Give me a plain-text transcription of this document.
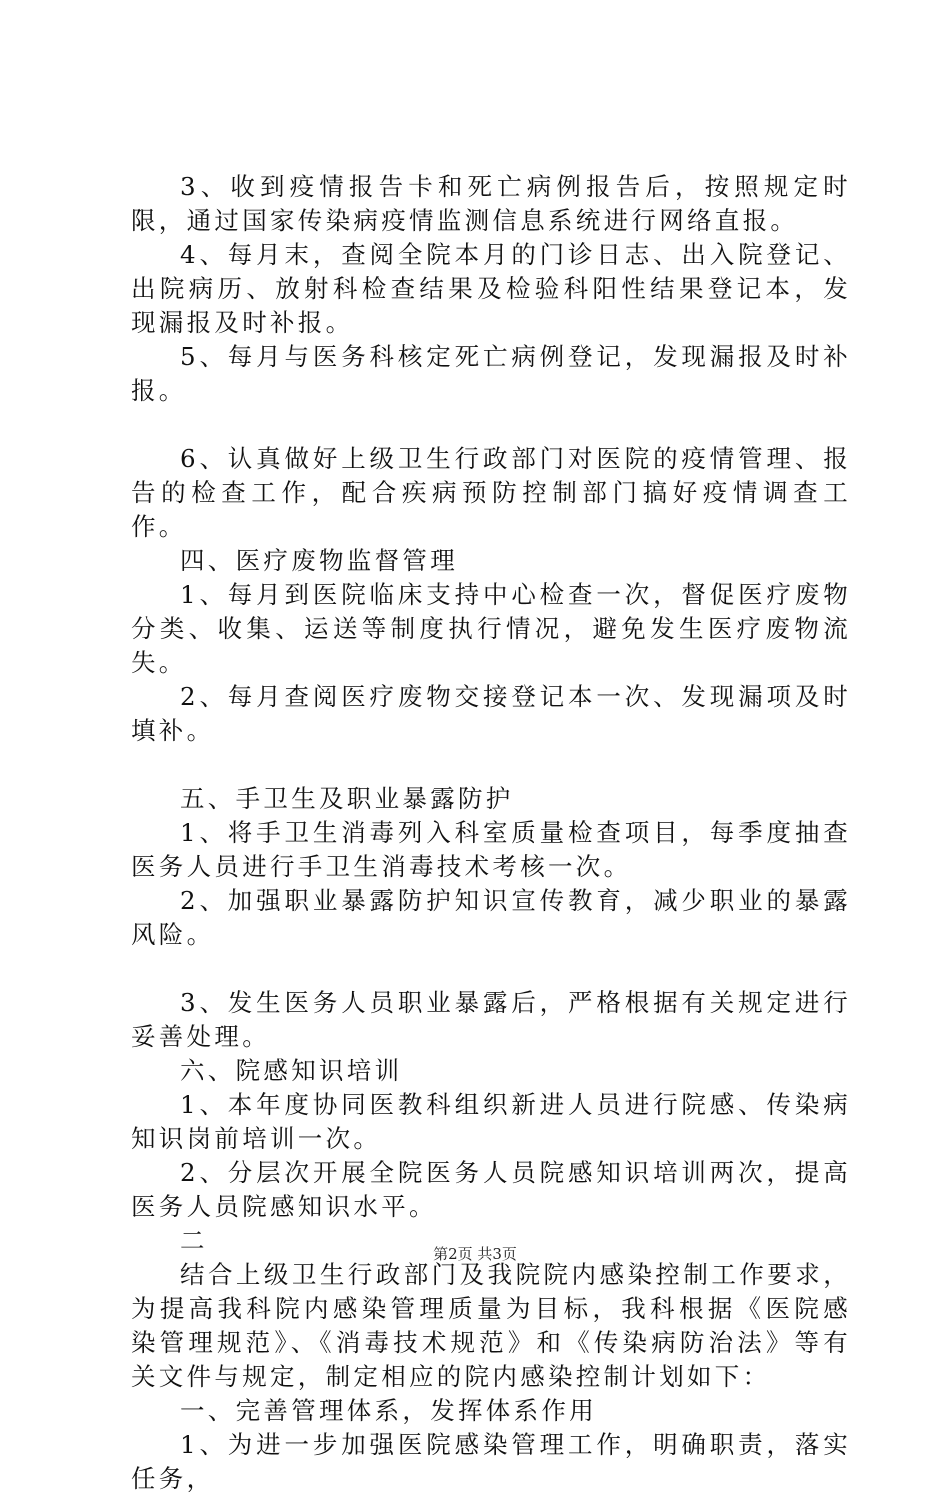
3、收到疫情报告卡和死亡病例报告后，按照规定时限，通过国家传染病疫情监测信息系统进行网络直报。

4、每月末，查阅全院本月的门诊日志、出入院登记、出院病历、放射科检查结果及检验科阳性结果登记本，发现漏报及时补报。

5、每月与医务科核定死亡病例登记，发现漏报及时补报。

6、认真做好上级卫生行政部门对医院的疫情管理、报告的检查工作，配合疾病预防控制部门搞好疫情调查工作。

四、医疗废物监督管理

1、每月到医院临床支持中心检查一次，督促医疗废物分类、收集、运送等制度执行情况，避免发生医疗废物流失。

2、每月查阅医疗废物交接登记本一次、发现漏项及时填补。

五、手卫生及职业暴露防护

1、将手卫生消毒列入科室质量检查项目，每季度抽查医务人员进行手卫生消毒技术考核一次。

2、加强职业暴露防护知识宣传教育，减少职业的暴露风险。

3、发生医务人员职业暴露后，严格根据有关规定进行妥善处理。

六、院感知识培训

1、本年度协同医教科组织新进人员进行院感、传染病知识岗前培训一次。

2、分层次开展全院医务人员院感知识培训两次，提高医务人员院感知识水平。

二

结合上级卫生行政部门及我院院内感染控制工作要求，为提高我科院内感染管理质量为目标，我科根据《医院感染管理规范》、《消毒技术规范》和《传染病防治法》等有关文件与规定，制定相应的院内感染控制计划如下：

一、完善管理体系，发挥体系作用

1、为进一步加强医院感染管理工作，明确职责，落实任务，

第2页 共3页
